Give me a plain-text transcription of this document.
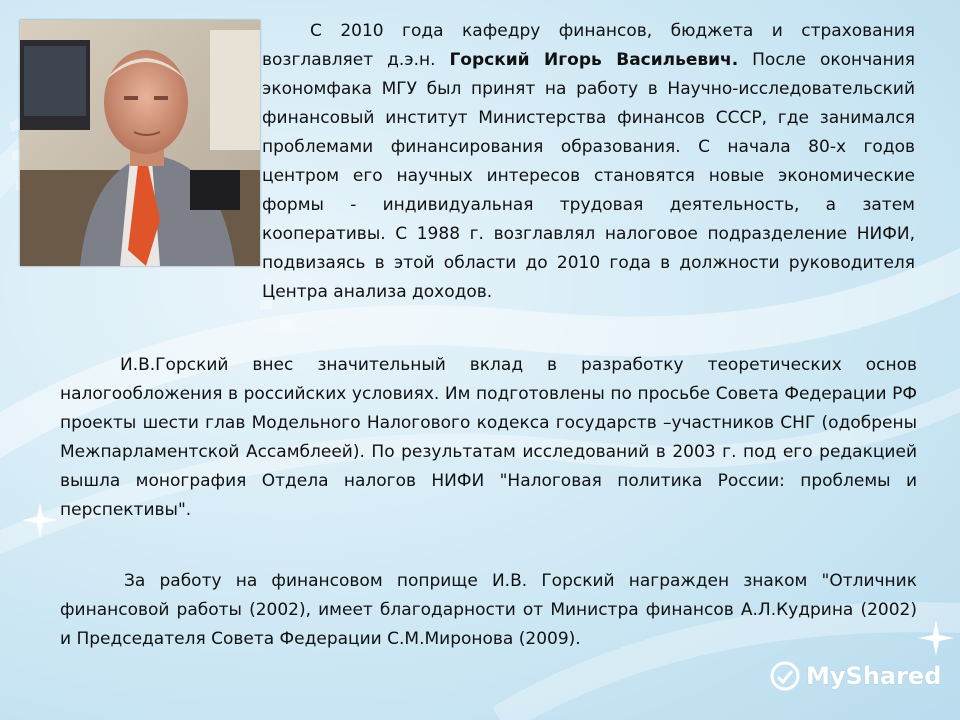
С 2010 года кафедру финансов, бюджета и страхования возглавляет д.э.н. Горский Игорь Васильевич. После окончания экономфака МГУ был принят на работу в Научно-исследовательский финансовый институт Министерства финансов СССР, где занимался проблемами финансирования образования. С начала 80-х годов центром его научных интересов становятся новые экономические формы - индивидуальная трудовая деятельность, а затем кооперативы. С 1988 г. возглавлял налоговое подразделение НИФИ, подвизаясь в этой области до 2010 года в должности руководителя Центра анализа доходов.

И.В.Горский внес значительный вклад в разработку теоретических основ налогообложения в российских условиях. Им подготовлены по просьбе Совета Федерации РФ проекты шести глав Модельного Налогового кодекса государств –участников СНГ (одобрены Межпарламентской Ассамблеей). По результатам исследований в 2003 г. под его редакцией вышла монография Отдела налогов НИФИ "Налоговая политика России: проблемы и перспективы".

За работу на финансовом поприще И.В. Горский награжден знаком "Отличник финансовой работы (2002), имеет благодарности от Министра финансов А.Л.Кудрина (2002) и Председателя Совета Федерации С.М.Миронова (2009).

MyShared
